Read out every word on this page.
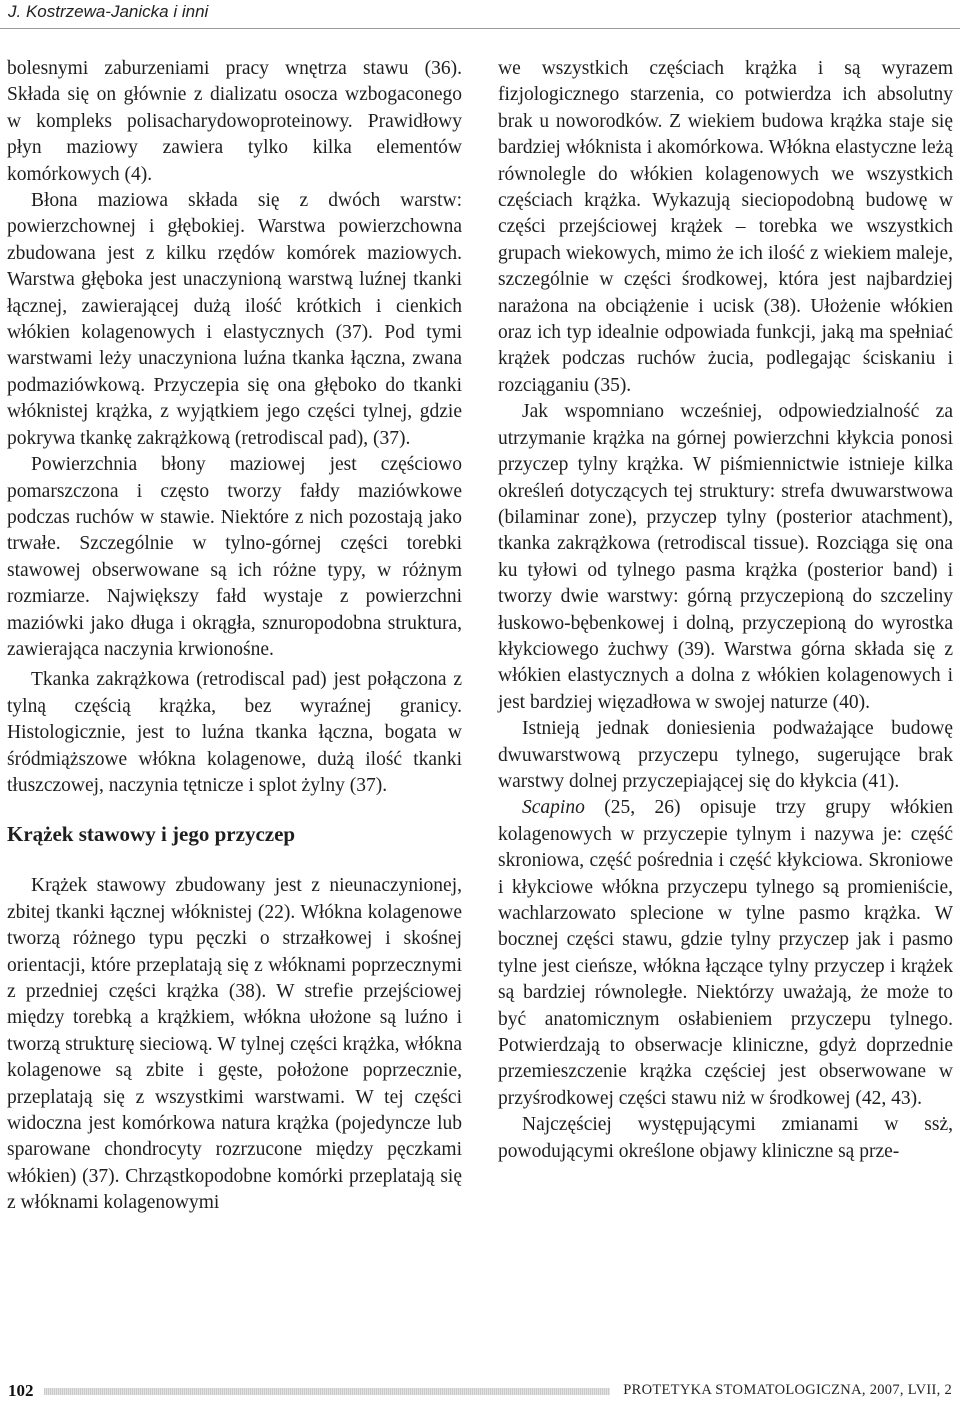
J. Kostrzewa-Janicka i inni

bolesnymi zaburzeniami pracy wnętrza stawu (36). Składa się on głównie z dializatu osocza wzbogaconego w kompleks polisacharydowoproteinowy. Prawidłowy płyn maziowy zawiera tylko kilka elementów komórkowych (4).

Błona maziowa składa się z dwóch warstw: powierzchownej i głębokiej. Warstwa powierzchowna zbudowana jest z kilku rzędów komórek maziowych. Warstwa głęboka jest unaczynioną warstwą luźnej tkanki łącznej, zawierającej dużą ilość krótkich i cienkich włókien kolagenowych i elastycznych (37). Pod tymi warstwami leży unaczyniona luźna tkanka łączna, zwana podmaziówkową. Przyczepia się ona głęboko do tkanki włóknistej krążka, z wyjątkiem jego części tylnej, gdzie pokrywa tkankę zakrążkową (retrodiscal pad), (37).

Powierzchnia błony maziowej jest częściowo pomarszczona i często tworzy fałdy maziówkowe podczas ruchów w stawie. Niektóre z nich pozostają jako trwałe. Szczególnie w tylno-górnej części torebki stawowej obserwowane są ich różne typy, w różnym rozmiarze. Największy fałd wystaje z powierzchni maziówki jako długa i okrągła, sznuropodobna struktura, zawierająca naczynia krwionośne.

Tkanka zakrążkowa (retrodiscal pad) jest połączona z tylną częścią krążka, bez wyraźnej granicy. Histologicznie, jest to luźna tkanka łączna, bogata w śródmiąższowe włókna kolagenowe, dużą ilość tkanki tłuszczowej, naczynia tętnicze i splot żylny (37).

Krążek stawowy i jego przyczep

Krążek stawowy zbudowany jest z nieunaczynionej, zbitej tkanki łącznej włóknistej (22). Włókna kolagenowe tworzą różnego typu pęczki o strzałkowej i skośnej orientacji, które przeplatają się z włóknami poprzecznymi z przedniej części krążka (38). W strefie przejściowej między torebką a krążkiem, włókna ułożone są luźno i tworzą strukturę sieciową. W tylnej części krążka, włókna kolagenowe są zbite i gęste, położone poprzecznie, przeplatają się z wszystkimi warstwami. W tej części widoczna jest komórkowa natura krążka (pojedyncze lub sparowane chondrocyty rozrzucone między pęczkami włókien) (37). Chrząstkopodobne komórki przeplatają się z włóknami kolagenowymi

we wszystkich częściach krążka i są wyrazem fizjologicznego starzenia, co potwierdza ich absolutny brak u noworodków. Z wiekiem budowa krążka staje się bardziej włóknista i akomórkowa. Włókna elastyczne leżą równolegle do włókien kolagenowych we wszystkich częściach krążka. Wykazują sieciopodobną budowę w części przejściowej krążek – torebka we wszystkich grupach wiekowych, mimo że ich ilość z wiekiem maleje, szczególnie w części środkowej, która jest najbardziej narażona na obciążenie i ucisk (38). Ułożenie włókien oraz ich typ idealnie odpowiada funkcji, jaką ma spełniać krążek podczas ruchów żucia, podlegając ściskaniu i rozciąganiu (35).

Jak wspomniano wcześniej, odpowiedzialność za utrzymanie krążka na górnej powierzchni kłykcia ponosi przyczep tylny krążka. W piśmiennictwie istnieje kilka określeń dotyczących tej struktury: strefa dwuwarstwowa (bilaminar zone), przyczep tylny (posterior atachment), tkanka zakrążkowa (retrodiscal tissue). Rozciąga się ona ku tyłowi od tylnego pasma krążka (posterior band) i tworzy dwie warstwy: górną przyczepioną do szczeliny łuskowo-bębenkowej i dolną, przyczepioną do wyrostka kłykciowego żuchwy (39). Warstwa górna składa się z włókien elastycznych a dolna z włókien kolagenowych i jest bardziej więzadłowa w swojej naturze (40).

Istnieją jednak doniesienia podważające budowę dwuwarstwową przyczepu tylnego, sugerujące brak warstwy dolnej przyczepiającej się do kłykcia (41).

Scapino (25, 26) opisuje trzy grupy włókien kolagenowych w przyczepie tylnym i nazywa je: część skroniowa, część pośrednia i część kłykciowa. Skroniowe i kłykciowe włókna przyczepu tylnego są promieniście, wachlarzowato splecione w tylne pasmo krążka. W bocznej części stawu, gdzie tylny przyczep jak i pasmo tylne jest cieńsze, włókna łączące tylny przyczep i krążek są bardziej równoległe. Niektórzy uważają, że może to być anatomicznym osłabieniem przyczepu tylnego. Potwierdzają to obserwacje kliniczne, gdyż doprzednie przemieszczenie krążka częściej jest obserwowane w przyśrodkowej części stawu niż w środkowej (42, 43).

Najczęściej występującymi zmianami w ssż, powodującymi określone objawy kliniczne są prze-

102	PROTETYKA STOMATOLOGICZNA, 2007, LVII, 2
